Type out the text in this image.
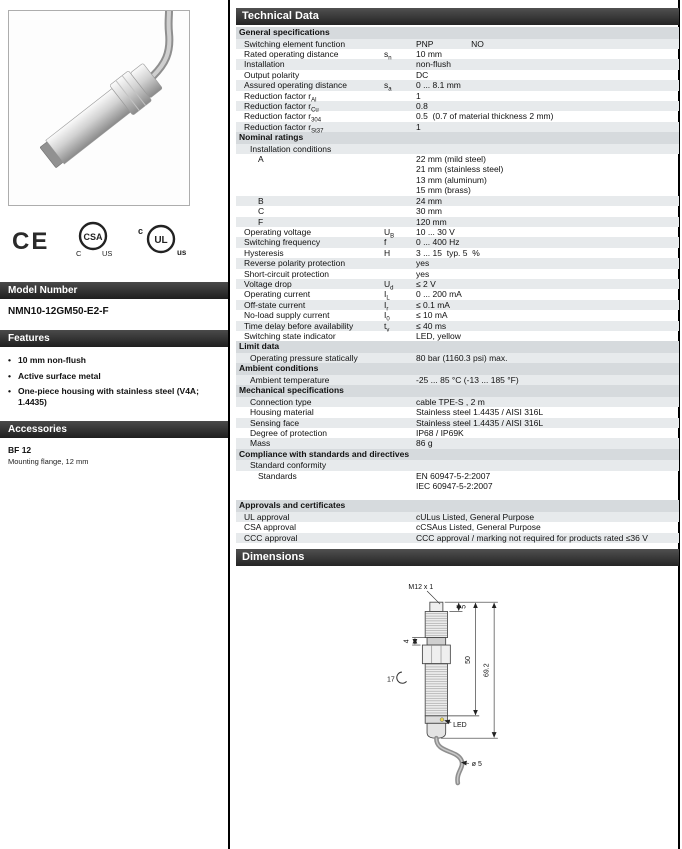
CE	CSA
C	US
c
UL
us
Model Number
NMN10-12GM50-E2-F
Features
• 10 mm non-flush
• Active surface metal
• One-piece housing with stainless steel (V4A; 1.4435)
Accessories
BF 12
Mounting flange, 12 mm
Technical Data
General specifications
Switching element function	PNP                NO
Rated operating distance	$s_n$	10 mm
Installation	non-flush
Output polarity	DC
Assured operating distance	$s_a$	0 ... 8.1 mm
Reduction factor $r_{Al}$	1
Reduction factor $r_{Cu}$	0.8
Reduction factor $r_{304}$	0.5  (0.7 of material thickness 2 mm)
Reduction factor $r_{St37}$	1
Nominal ratings
Installation conditions
A	22 mm (mild steel)
21 mm (stainless steel)
13 mm (aluminum)
15 mm (brass)
B	24 mm
C	30 mm
F	120 mm
Operating voltage	$U_B$	10 ... 30 V
Switching frequency	f	0 ... 400 Hz
Hysteresis	H	3 ... 15  typ. 5  %
Reverse polarity protection	yes
Short-circuit protection	yes
Voltage drop	$U_d$	≤ 2 V
Operating current	$I_L$	0 ... 200 mA
Off-state current	$I_r$	≤ 0.1 mA
No-load supply current	$I_0$	≤ 10 mA
Time delay before availability	$t_v$	≤ 40 ms
Switching state indicator	LED, yellow
Limit data
Operating pressure statically	80 bar (1160.3 psi) max.
Ambient conditions
Ambient temperature	-25 ... 85 °C (-13 ... 185 °F)
Mechanical specifications
Connection type	cable TPE-S , 2 m
Housing material	Stainless steel 1.4435 / AISI 316L
Sensing face	Stainless steel 1.4435 / AISI 316L
Degree of protection	IP68 / IP69K
Mass	86 g
Compliance with standards and directives
Standard conformity
Standards	EN 60947-5-2:2007
IEC 60947-5-2:2007
Approvals and certificates
UL approval	cULus Listed, General Purpose
CSA approval	cCSAus Listed, General Purpose
CCC approval	CCC approval / marking not required for products rated ≤36 V
Dimensions
M12 x 1
5
4
17
50
69.2
LED
ø 5
